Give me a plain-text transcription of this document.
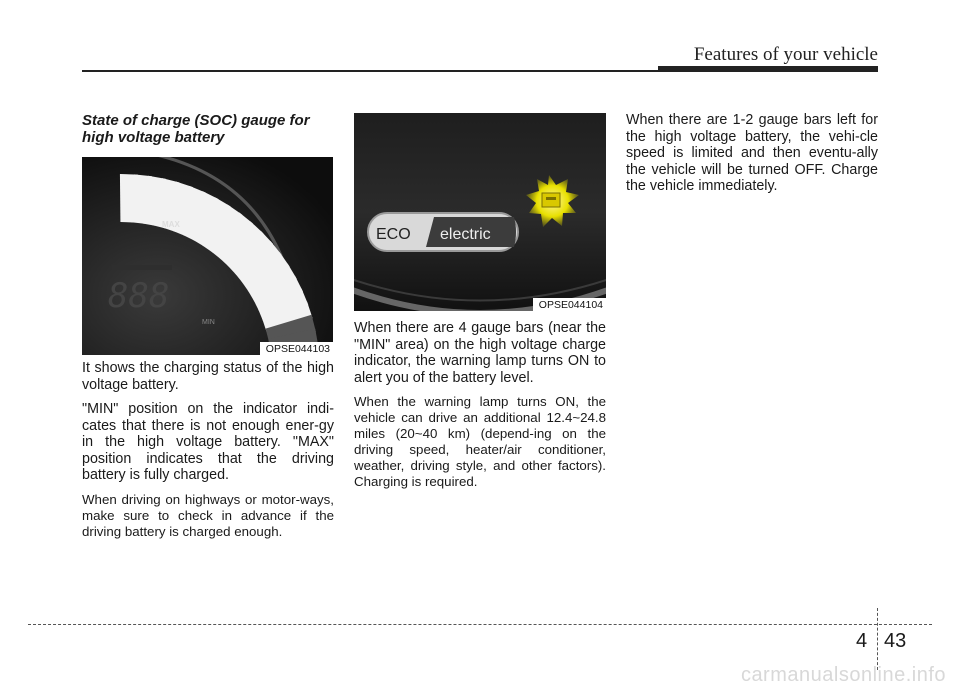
Features of your vehicle
State of charge (SOC) gauge for high voltage battery
MAX
MIN
888
OPSE044103

It shows the charging status of the high voltage battery.

"MIN" position on the indicator indi-cates that there is not enough ener-gy in the high voltage battery. "MAX" position indicates that the driving battery is fully charged.

When driving on highways or motor-ways, make sure to check in advance if the driving battery is charged enough.

ECO electric
OPSE044104

When there are 4 gauge bars (near the "MIN" area) on the high voltage charge indicator, the warning lamp turns ON to alert you of the battery level.

When the warning lamp turns ON, the vehicle can drive an additional 12.4~24.8 miles (20~40 km) (depend-ing on the driving speed, heater/air conditioner, weather, driving style, and other factors). Charging is required.

When there are 1-2 gauge bars left for the high voltage battery, the vehi-cle speed is limited and then eventu-ally the vehicle will be turned OFF. Charge the vehicle immediately.

4 43
carmanualsonline.info
